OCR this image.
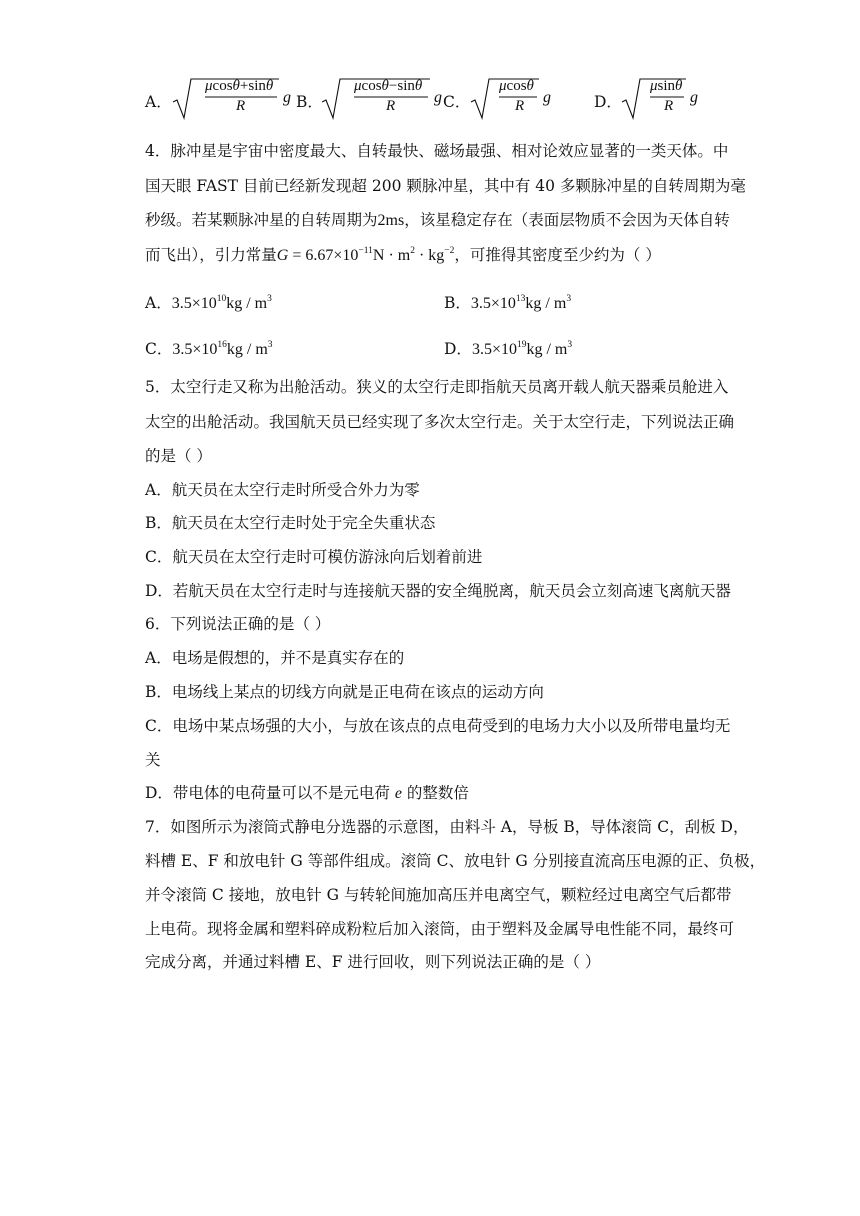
A．
μcosθ+sinθ
R g B．
μcosθ−sinθ
R g C．
μcosθ
R g	D．
μsinθ
R g
4．脉冲星是宇宙中密度最大、自转最快、磁场最强、相对论效应显著的一类天体。中
国天眼 FAST 目前已经新发现超 200 颗脉冲星，其中有 40 多颗脉冲星的自转周期为毫
秒级。若某颗脉冲星的自转周期为2ms，该星稳定存在（表面层物质不会因为天体自转
而飞出），引力常量$G = 6.67\times 10^{-11}N \cdot m^2 \cdot kg^{-2}$，可推得其密度至少约为（ ）
A．$3.5\times 10^{10}kg / m^3$	B．$3.5\times 10^{13}kg / m^3$
C．$3.5\times 10^{16}kg / m^3$	D．$3.5\times 10^{19}kg / m^3$
5．太空行走又称为出舱活动。狭义的太空行走即指航天员离开载人航天器乘员舱进入
太空的出舱活动。我国航天员已经实现了多次太空行走。关于太空行走，下列说法正确
的是（ ）
A．航天员在太空行走时所受合外力为零
B．航天员在太空行走时处于完全失重状态
C．航天员在太空行走时可模仿游泳向后划着前进
D．若航天员在太空行走时与连接航天器的安全绳脱离，航天员会立刻高速飞离航天器
6．下列说法正确的是（ ）
A．电场是假想的，并不是真实存在的
B．电场线上某点的切线方向就是正电荷在该点的运动方向
C．电场中某点场强的大小，与放在该点的点电荷受到的电场力大小以及所带电量均无
关
D．带电体的电荷量可以不是元电荷 e 的整数倍
7．如图所示为滚筒式静电分选器的示意图，由料斗 A，导板 B，导体滚筒 C，刮板 D，
料槽 E、F 和放电针 G 等部件组成。滚筒 C、放电针 G 分别接直流高压电源的正、负极，
并令滚筒 C 接地，放电针 G 与转轮间施加高压并电离空气，颗粒经过电离空气后都带
上电荷。现将金属和塑料碎成粉粒后加入滚筒，由于塑料及金属导电性能不同，最终可
完成分离，并通过料槽 E、F 进行回收，则下列说法正确的是（ ）
